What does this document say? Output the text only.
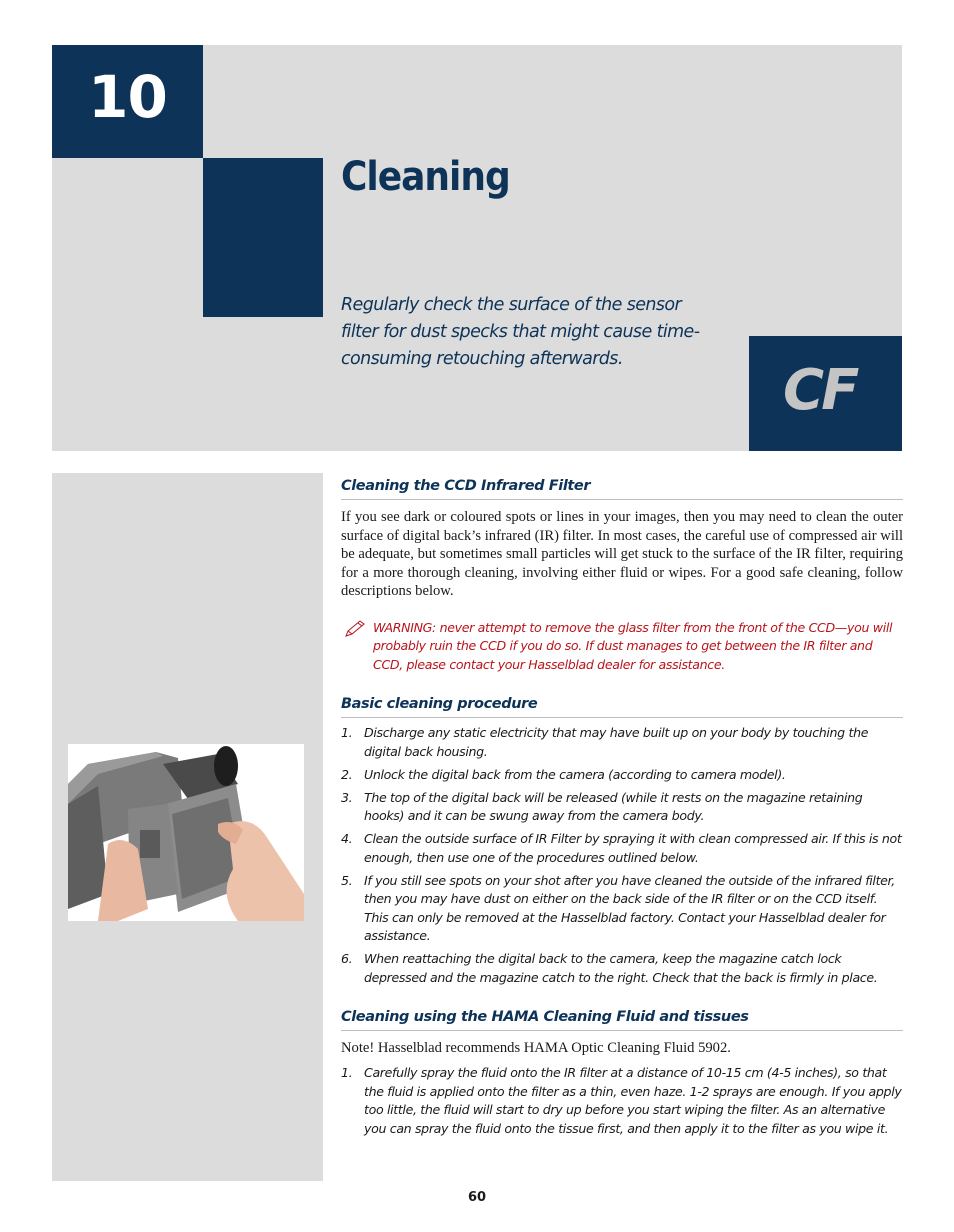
10
Cleaning

Regularly check the surface of the sensor filter for dust specks that might cause time-consuming retouching afterwards.	CF
Cleaning the CCD Infrared Filter

If you see dark or coloured spots or lines in your images, then you may need to clean the outer surface of digital back’s infrared (IR) filter. In most cases, the careful use of compressed air will be adequate, but sometimes small particles will get stuck to the surface of the IR filter, requiring for a more thorough cleaning, involving either fluid or wipes. For a good safe cleaning, follow descriptions below.

WARNING: never attempt to remove the glass filter from the front of the CCD—you will probably ruin the CCD if you do so. If dust manages to get between the IR filter and CCD, please contact your Hasselblad dealer for assistance.

Basic cleaning procedure
1. Discharge any static electricity that may have built up on your body by touching the digital back housing.
2. Unlock the digital back from the camera (according to camera model).
3. The top of the digital back will be released (while it rests on the magazine retaining hooks) and it can be swung away from the camera body.
4. Clean the outside surface of IR Filter by spraying it with clean compressed air. If this is not enough, then use one of the procedures outlined below.
5. If you still see spots on your shot after you have cleaned the outside of the infrared filter, then you may have dust on either on the back side of the IR filter or on the CCD itself. This can only be removed at the Hasselblad factory. Contact your Hasselblad dealer for assistance.
6. When reattaching the digital back to the camera, keep the magazine catch lock depressed and the magazine catch to the right. Check that the back is firmly in place.
Cleaning using the HAMA Cleaning Fluid and tissues

Note! Hasselblad recommends HAMA Optic Cleaning Fluid 5902.

1. Carefully spray the fluid onto the IR filter at a distance of 10-15 cm (4-5 inches), so that the fluid is applied onto the filter as a thin, even haze. 1-2 sprays are enough. If you apply too little, the fluid will start to dry up before you start wiping the filter. As an alternative you can spray the fluid onto the tissue first, and then apply it to the filter as you wipe it.
60
